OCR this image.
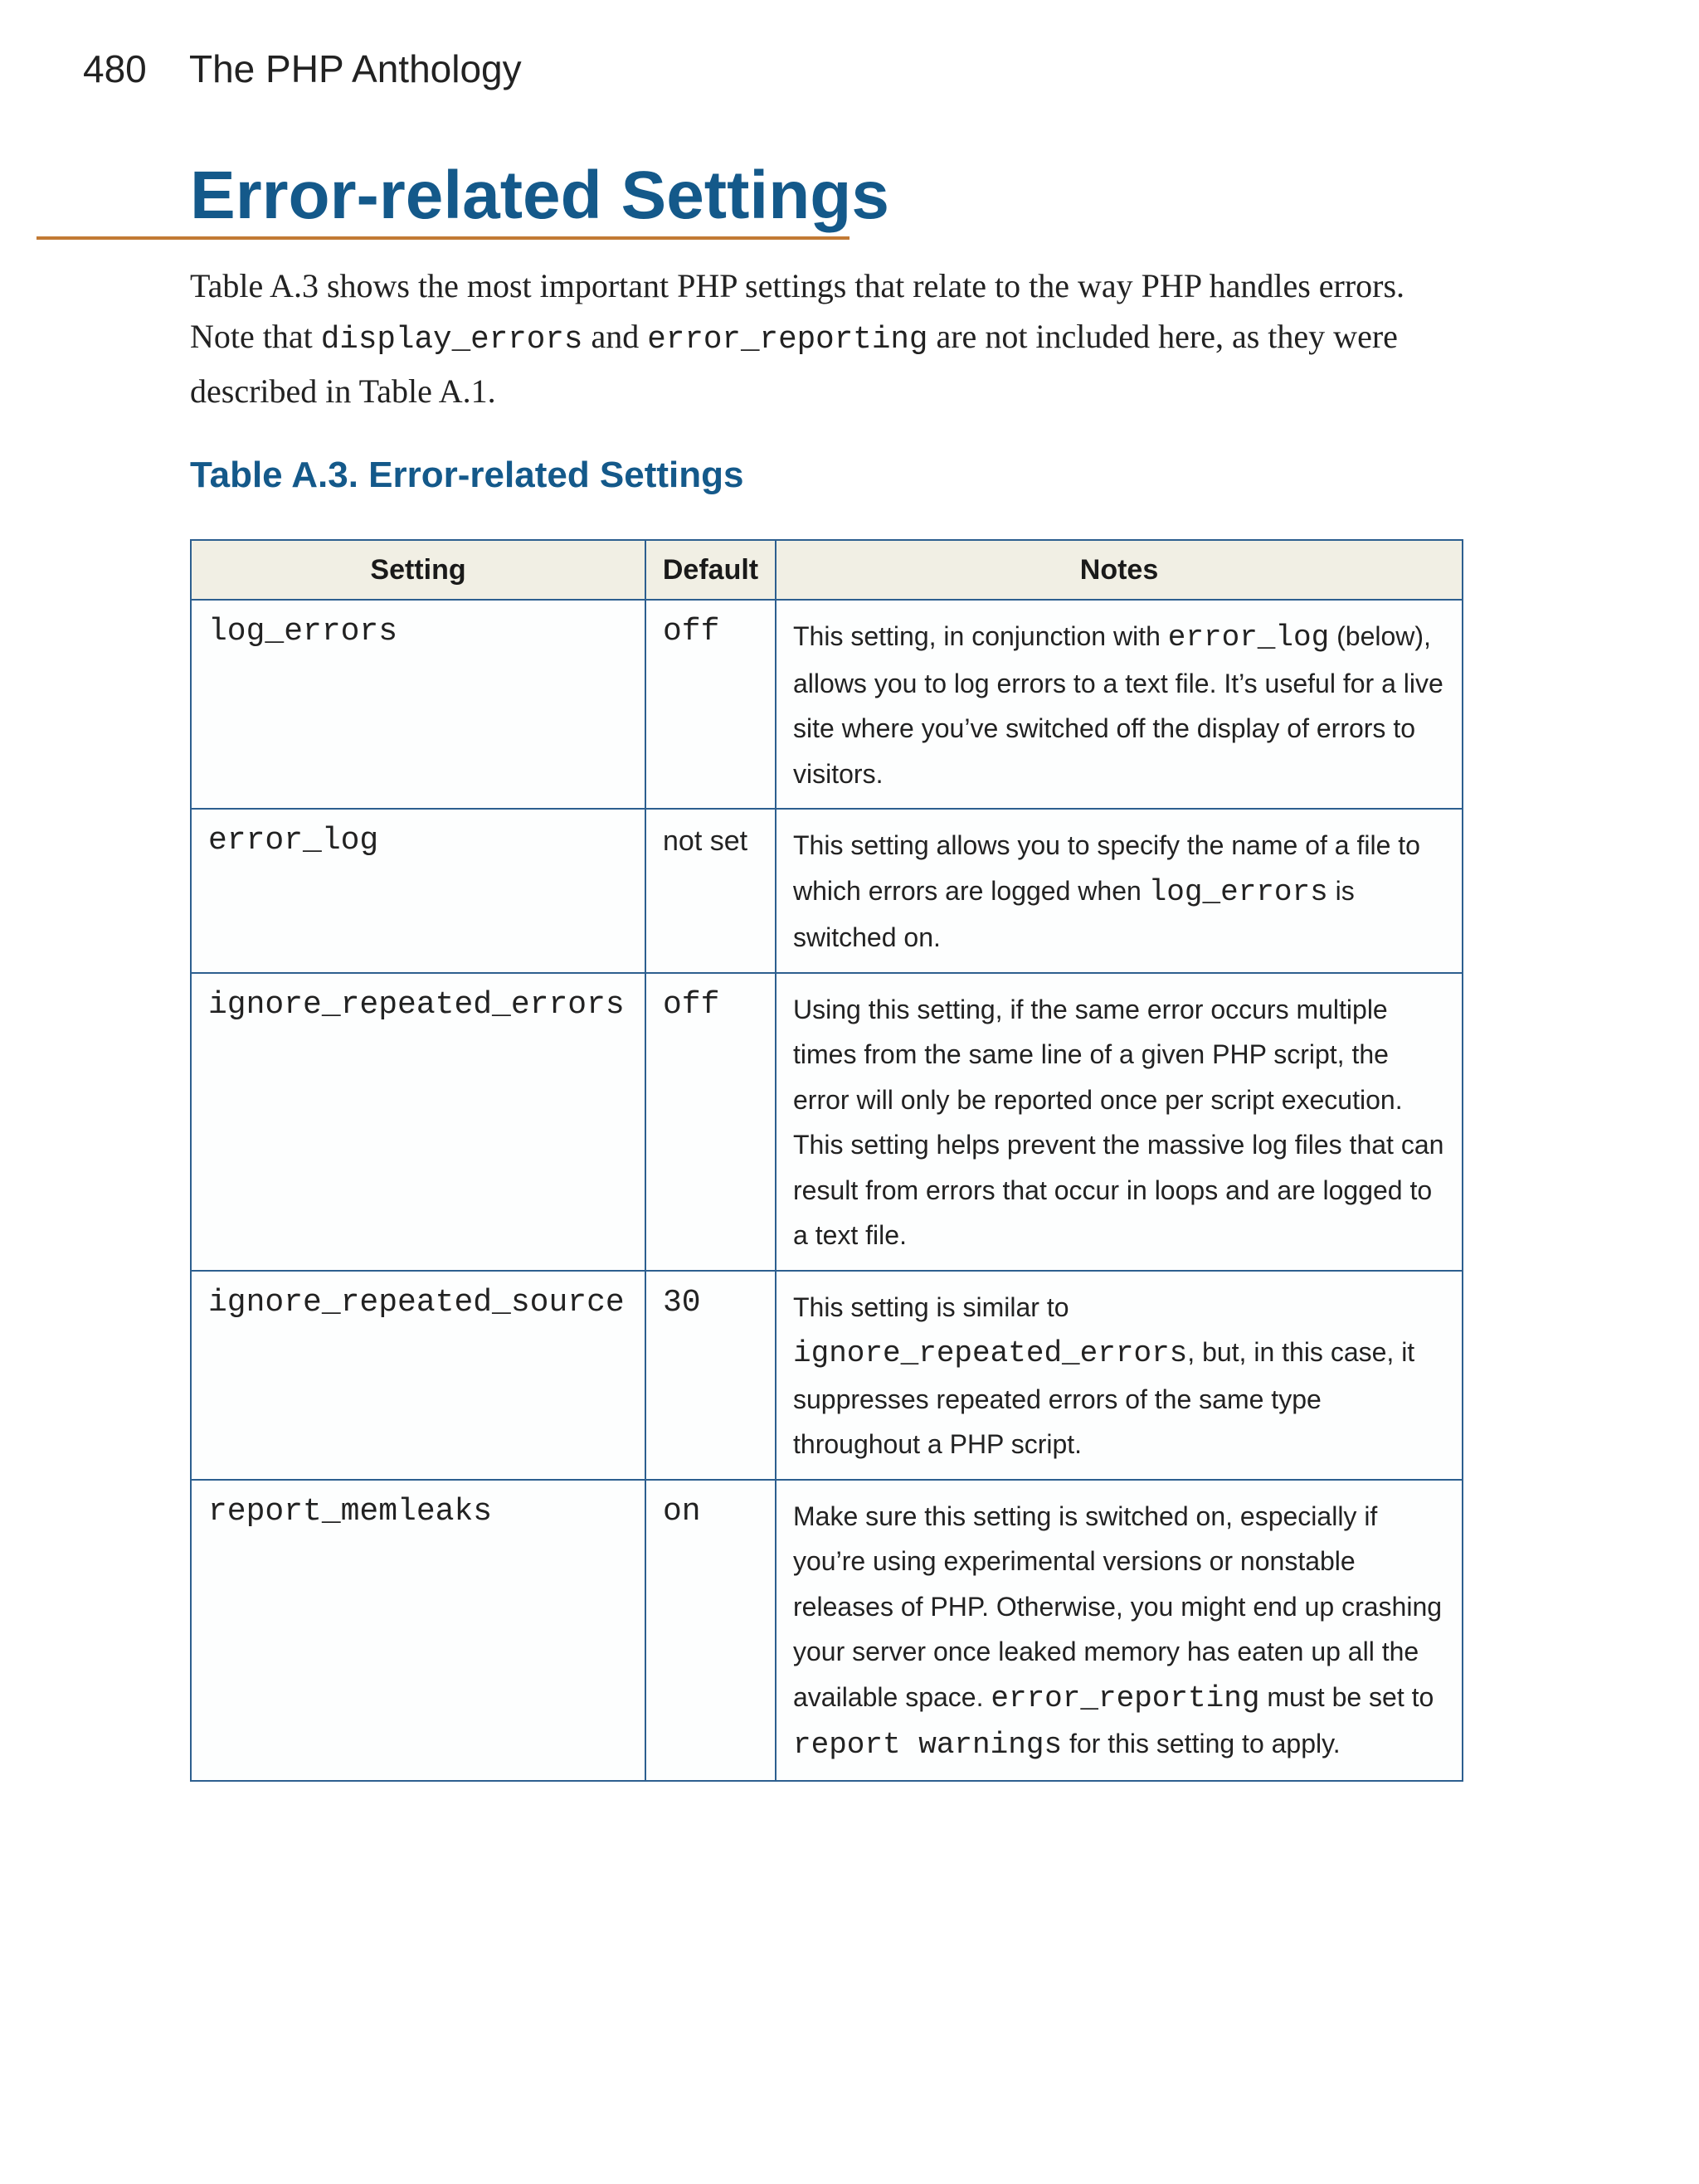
480 The PHP Anthology
Error-related Settings

Table A.3 shows the most important PHP settings that relate to the way PHP handles errors. Note that display_errors and error_reporting are not included here, as they were described in Table A.1.

Table A.3. Error-related Settings
Setting	Default	Notes
log_errors	off	This setting, in conjunction with error_log (below), allows you to log errors to a text file. It’s useful for a live site where you’ve switched off the display of errors to visitors.
error_log	not set	This setting allows you to specify the name of a file to which errors are logged when log_errors is switched on.
ignore_repeated_errors	off	Using this setting, if the same error occurs multiple times from the same line of a given PHP script, the error will only be reported once per script execution. This setting helps prevent the massive log files that can result from errors that occur in loops and are logged to a text file.
ignore_repeated_source	30	This setting is similar to ignore_repeated_errors, but, in this case, it suppresses repeated errors of the same type throughout a PHP script.
report_memleaks	on	Make sure this setting is switched on, especially if you’re using experimental versions or nonstable releases of PHP. Otherwise, you might end up crashing your server once leaked memory has eaten up all the available space. error_reporting must be set to report warnings for this setting to apply.
